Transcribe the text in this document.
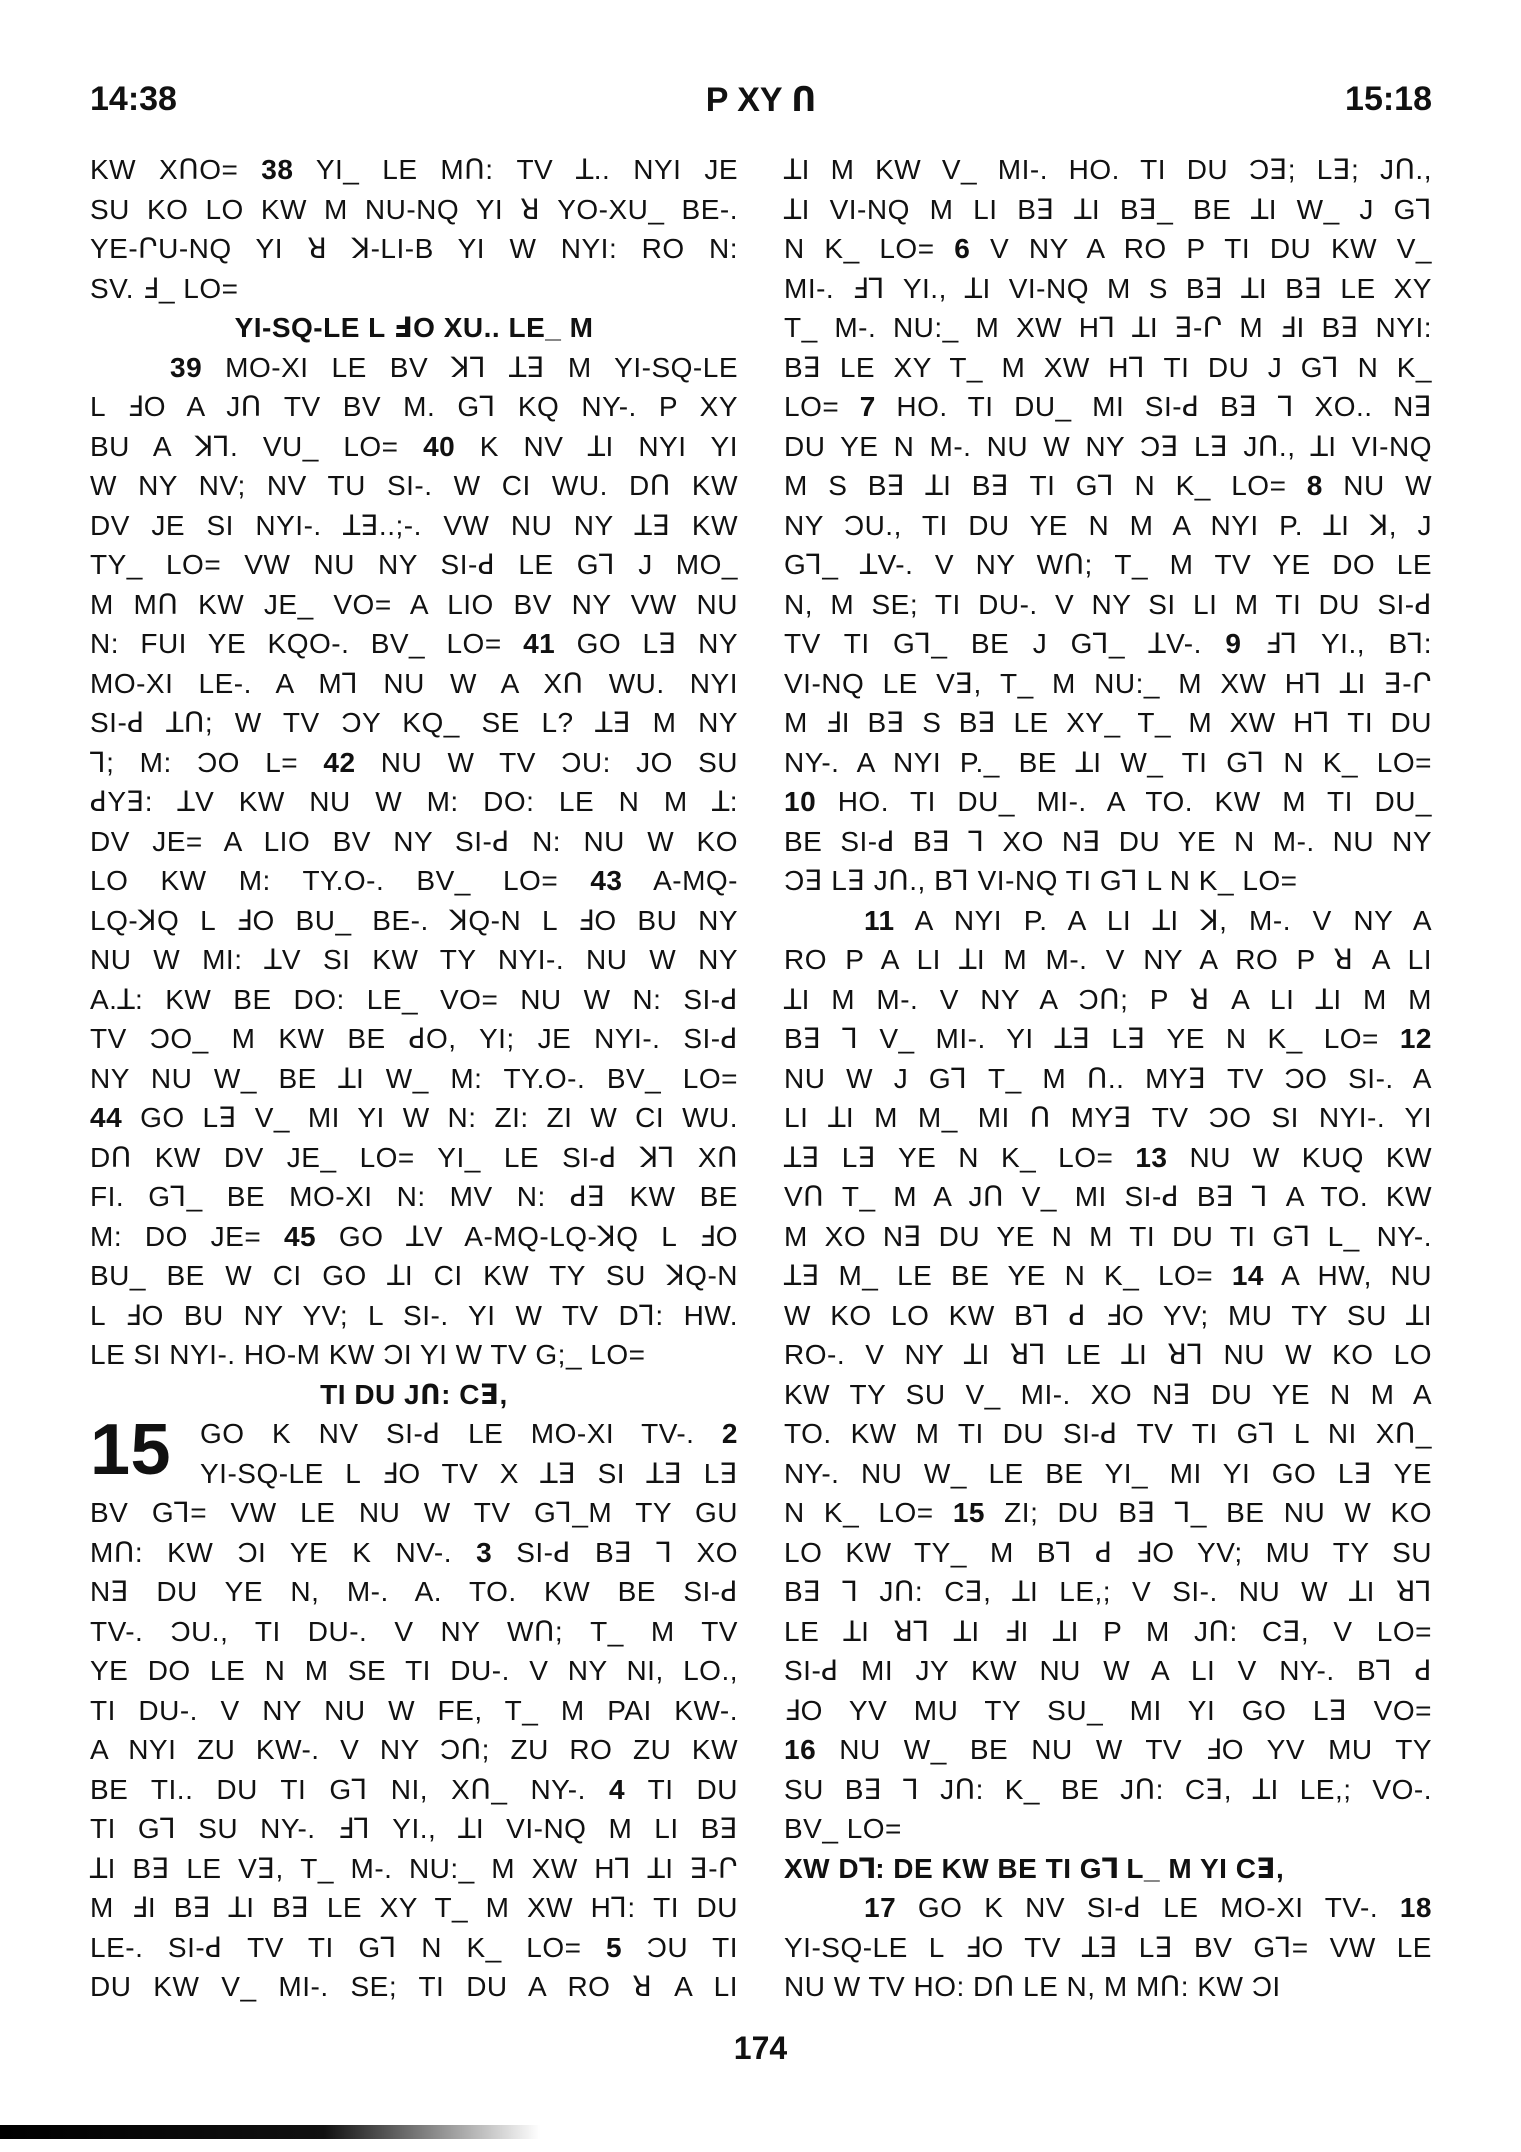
14:38	P XY Ո	15:18
KW XՈO= 38 YI_ LE MՈ: TV ꓕ.. NYI JE
SU KO LO KW M NU-NQ YI ꓤ YO-XU_ BE-.
YE-ՐU-NQ YI ꓤ ꓘ-LI-B YI W NYI: RO N:
SV. ꓞ_ LO=
YI-SQ-LE L ꓞO XU.. LE_ M
39 MO-XI LE BV ꓘꓶ ꓕꓱ M YI-SQ-LE
L ꓞO A JՈ TV BV M. Gꓶ KQ NY-. P XY
BU A ꓘꓶ. VU_ LO= 40 K NV ꓕI NYI YI
W NY NV; NV TU SI-. W CI WU. DՈ KW
DV JE SI NYI-. ꓕꓱ..;-. VW NU NY ꓕꓱ KW
TY_ LO= VW NU NY SI-ꓒ LE Gꓶ J MO_
M MՈ KW JE_ VO= A LIO BV NY VW NU
N: FUI YE KQO-. BV_ LO= 41 GO Lꓱ NY
MO-XI LE-. A Mꓶ NU W A XՈ WU. NYI
SI-ꓒ ꓕՈ; W TV ƆY KQ_ SE L? ꓕꓱ M NY
ꓶ; M: ƆO L= 42 NU W TV ƆU: JO SU
ꓒYꓱ: ꓕV KW NU W M: DO: LE N M ꓕ:
DV JE= A LIO BV NY SI-ꓒ N: NU W KO
LO KW M: TY.O-. BV_ LO= 43 A-MQ-
LQ-ꓘQ L ꓞO BU_ BE-. ꓘQ-N L ꓞO BU NY
NU W MI: ꓕV SI KW TY NYI-. NU W NY
A.ꓕ: KW BE DO: LE_ VO= NU W N: SI-ꓒ
TV ƆO_ M KW BE ꓒO, YI; JE NYI-. SI-ꓒ
NY NU W_ BE ꓕI W_ M: TY.O-. BV_ LO=
44 GO Lꓱ V_ MI YI W N: ZI: ZI W CI WU.
DՈ KW DV JE_ LO= YI_ LE SI-ꓒ ꓘꓶ XՈ
FI. Gꓶ_ BE MO-XI N: MV N: ꓒꓱ KW BE
M: DO JE= 45 GO ꓕV A-MQ-LQ-ꓘQ L ꓞO
BU_ BE W CI GO ꓕI CI KW TY SU ꓘQ-N
L ꓞO BU NY YV; L SI-. YI W TV Dꓶ: HW.
LE SI NYI-. HO-M KW ƆI YI W TV G;_ LO=
TI DU JՈ: Cꓱ,
15	GO K NV SI-ꓒ LE MO-XI TV-. 2
YI-SQ-LE L ꓞO TV X ꓕꓱ SI ꓕꓱ Lꓱ
BV Gꓶ= VW LE NU W TV Gꓶ_M TY GU
MՈ: KW ƆI YE K NV-. 3 SI-ꓒ Bꓱ ꓶ XO
Nꓱ DU YE N, M-. A. TO. KW BE SI-ꓒ
TV-. ƆU., TI DU-. V NY WՈ; T_ M TV
YE DO LE N M SE TI DU-. V NY NI, LO.,
TI DU-. V NY NU W FE, T_ M PAI KW-.
A NYI ZU KW-. V NY ƆՈ; ZU RO ZU KW
BE TI.. DU TI Gꓶ NI, XՈ_ NY-. 4 TI DU
TI Gꓶ SU NY-. ꓞꓶ YI., ꓕI VI-NQ M LI Bꓱ
ꓕI Bꓱ LE Vꓱ, T_ M-. NU:_ M XW Hꓶ ꓕI ꓱ-Ր
M ꓞI Bꓱ ꓕI Bꓱ LE XY T_ M XW Hꓶ: TI DU
LE-. SI-ꓒ TV TI Gꓶ N K_ LO= 5 ƆU TI
DU KW V_ MI-. SE; TI DU A RO ꓤ A LI
ꓕI M KW V_ MI-. HO. TI DU Ɔꓱ; Lꓱ; JՈ.,
ꓕI VI-NQ M LI Bꓱ ꓕI Bꓱ_ BE ꓕI W_ J Gꓶ
N K_ LO= 6 V NY A RO P TI DU KW V_
MI-. ꓞꓶ YI., ꓕI VI-NQ M S Bꓱ ꓕI Bꓱ LE XY
T_ M-. NU:_ M XW Hꓶ ꓕI ꓱ-Ր M ꓞI Bꓱ NYI:
Bꓱ LE XY T_ M XW Hꓶ TI DU J Gꓶ N K_
LO= 7 HO. TI DU_ MI SI-ꓒ Bꓱ ꓶ XO.. Nꓱ
DU YE N M-. NU W NY Ɔꓱ Lꓱ JՈ., ꓕI VI-NQ
M S Bꓱ ꓕI Bꓱ TI Gꓶ N K_ LO= 8 NU W
NY ƆU., TI DU YE N M A NYI P. ꓕI ꓘ, J
Gꓶ_ ꓕV-. V NY WՈ; T_ M TV YE DO LE
N, M SE; TI DU-. V NY SI LI M TI DU SI-ꓒ
TV TI Gꓶ_ BE J Gꓶ_ ꓕV-. 9 ꓞꓶ YI., Bꓶ:
VI-NQ LE Vꓱ, T_ M NU:_ M XW Hꓶ ꓕI ꓱ-Ր
M ꓞI Bꓱ S Bꓱ LE XY_ T_ M XW Hꓶ TI DU
NY-. A NYI P._ BE ꓕI W_ TI Gꓶ N K_ LO=
10 HO. TI DU_ MI-. A TO. KW M TI DU_
BE SI-ꓒ Bꓱ ꓶ XO Nꓱ DU YE N M-. NU NY
Ɔꓱ Lꓱ JՈ., Bꓶ VI-NQ TI Gꓶ L N K_ LO=
11 A NYI P. A LI ꓕI ꓘ, M-. V NY A
RO P A LI ꓕI M M-. V NY A RO P ꓤ A LI
ꓕI M M-. V NY A ƆՈ; P ꓤ A LI ꓕI M M
Bꓱ ꓶ V_ MI-. YI ꓕꓱ Lꓱ YE N K_ LO= 12
NU W J Gꓶ T_ M Ո.. MYꓱ TV ƆO SI-. A
LI ꓕI M M_ MI Ո MYꓱ TV ƆO SI NYI-. YI
ꓕꓱ Lꓱ YE N K_ LO= 13 NU W KUQ KW
VՈ T_ M A JՈ V_ MI SI-ꓒ Bꓱ ꓶ A TO. KW
M XO Nꓱ DU YE N M TI DU TI Gꓶ L_ NY-.
ꓕꓱ M_ LE BE YE N K_ LO= 14 A HW, NU
W KO LO KW Bꓶ ꓒ ꓞO YV; MU TY SU ꓕI
RO-. V NY ꓕI ꓤꓶ LE ꓕI ꓤꓶ NU W KO LO
KW TY SU V_ MI-. XO Nꓱ DU YE N M A
TO. KW M TI DU SI-ꓒ TV TI Gꓶ L NI XՈ_
NY-. NU W_ LE BE YI_ MI YI GO Lꓱ YE
N K_ LO= 15 ZI; DU Bꓱ ꓶ_ BE NU W KO
LO KW TY_ M Bꓶ ꓒ ꓞO YV; MU TY SU
Bꓱ ꓶ JՈ: Cꓱ, ꓕI LE,; V SI-. NU W ꓕI ꓤꓶ
LE ꓕI ꓤꓶ ꓕI ꓞI ꓕI P M JՈ: Cꓱ, V LO=
SI-ꓒ MI JY KW NU W A LI V NY-. Bꓶ ꓒ
ꓞO YV MU TY SU_ MI YI GO Lꓱ VO=
16 NU W_ BE NU W TV ꓞO YV MU TY
SU Bꓱ ꓶ JՈ: K_ BE JՈ: Cꓱ, ꓕI LE,; VO-.
BV_ LO=
XW Dꓶ: DE KW BE TI Gꓶ L_ M YI Cꓱ,
17 GO K NV SI-ꓒ LE MO-XI TV-. 18
YI-SQ-LE L ꓞO TV ꓕꓱ Lꓱ BV Gꓶ= VW LE
NU W TV HO: DՈ LE N, M MՈ: KW ƆI
174
